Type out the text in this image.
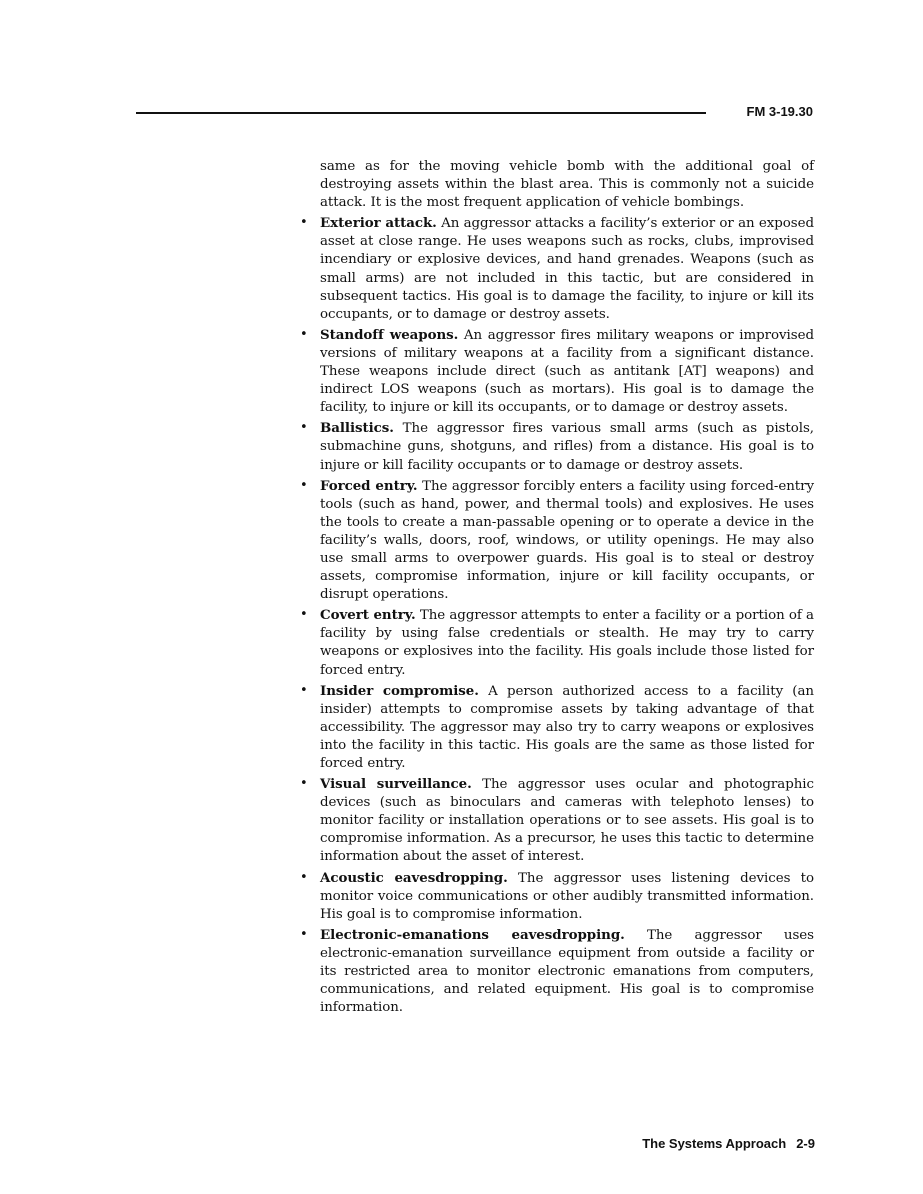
FM 3-19.30

same as for the moving vehicle bomb with the additional goal of destroying assets within the blast area. This is commonly not a suicide attack. It is the most frequent application of vehicle bombings.

• Exterior attack. An aggressor attacks a facility’s exterior or an exposed asset at close range. He uses weapons such as rocks, clubs, improvised incendiary or explosive devices, and hand grenades. Weapons (such as small arms) are not included in this tactic, but are considered in subsequent tactics. His goal is to damage the facility, to injure or kill its occupants, or to damage or destroy assets.
• Standoff weapons. An aggressor fires military weapons or improvised versions of military weapons at a facility from a significant distance. These weapons include direct (such as antitank [AT] weapons) and indirect LOS weapons (such as mortars). His goal is to damage the facility, to injure or kill its occupants, or to damage or destroy assets.
• Ballistics. The aggressor fires various small arms (such as pistols, submachine guns, shotguns, and rifles) from a distance. His goal is to injure or kill facility occupants or to damage or destroy assets.
• Forced entry. The aggressor forcibly enters a facility using forced-entry tools (such as hand, power, and thermal tools) and explosives. He uses the tools to create a man-passable opening or to operate a device in the facility’s walls, doors, roof, windows, or utility openings. He may also use small arms to overpower guards. His goal is to steal or destroy assets, compromise information, injure or kill facility occupants, or disrupt operations.
• Covert entry. The aggressor attempts to enter a facility or a portion of a facility by using false credentials or stealth. He may try to carry weapons or explosives into the facility. His goals include those listed for forced entry.
• Insider compromise. A person authorized access to a facility (an insider) attempts to compromise assets by taking advantage of that accessibility. The aggressor may also try to carry weapons or explosives into the facility in this tactic. His goals are the same as those listed for forced entry.
• Visual surveillance. The aggressor uses ocular and photographic devices (such as binoculars and cameras with telephoto lenses) to monitor facility or installation operations or to see assets. His goal is to compromise information. As a precursor, he uses this tactic to determine information about the asset of interest.
• Acoustic eavesdropping. The aggressor uses listening devices to monitor voice communications or other audibly transmitted information. His goal is to compromise information.
• Electronic-emanations eavesdropping. The aggressor uses electronic-emanation surveillance equipment from outside a facility or its restricted area to monitor electronic emanations from computers, communications, and related equipment. His goal is to compromise information.
The Systems Approach 2-9
